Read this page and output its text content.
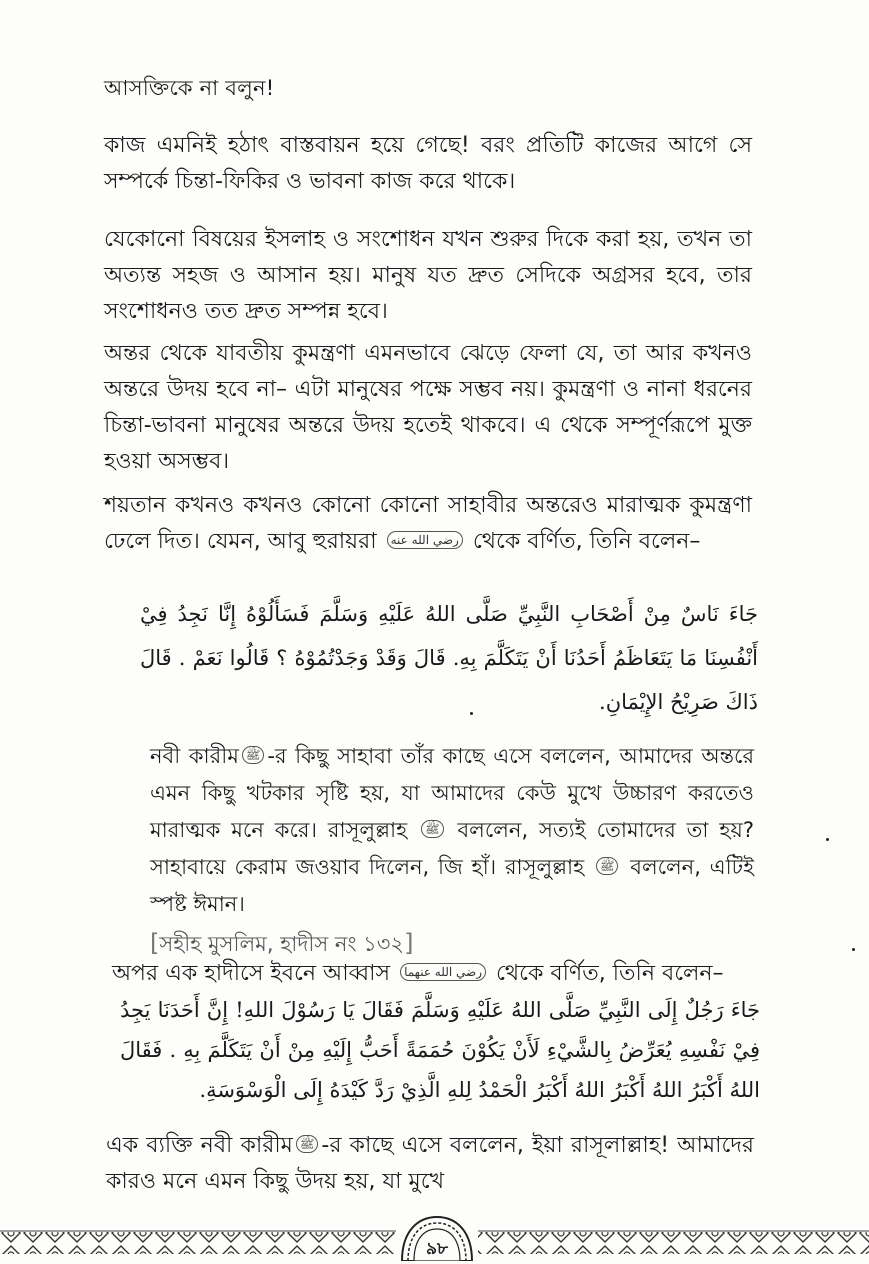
আসক্তিকে না বলুন!
কাজ এমনিই হঠাৎ বাস্তবায়ন হয়ে গেছে! বরং প্রতিটি কাজের আগে সে সম্পর্কে চিন্তা-ফিকির ও ভাবনা কাজ করে থাকে।
যেকোনো বিষয়ের ইসলাহ ও সংশোধন যখন শুরুর দিকে করা হয়, তখন তা অত্যন্ত সহজ ও আসান হয়। মানুষ যত দ্রুত সেদিকে অগ্রসর হবে, তার সংশোধনও তত দ্রুত সম্পন্ন হবে।
অন্তর থেকে যাবতীয় কুমন্ত্রণা এমনভাবে ঝেড়ে ফেলা যে, তা আর কখনও অন্তরে উদয় হবে না– এটা মানুষের পক্ষে সম্ভব নয়। কুমন্ত্রণা ও নানা ধরনের চিন্তা-ভাবনা মানুষের অন্তরে উদয় হতেই থাকবে। এ থেকে সম্পূর্ণরূপে মুক্ত হওয়া অসম্ভব।
শয়তান কখনও কখনও কোনো কোনো সাহাবীর অন্তরেও মারাত্মক কুমন্ত্রণা ঢেলে দিত। যেমন, আবু হুরায়রা رضي الله عنه থেকে বর্ণিত, তিনি বলেন–
جَاءَ نَاسٌ مِنْ أَصْحَابِ النَّبِيِّ صَلَّى اللهُ عَلَيْهِ وَسَلَّمَ فَسَأَلُوْهُ إِنَّا نَجِدُ فِيْ أَنْفُسِنَا مَا يَتَعَاظَمُ أَحَدُنَا أَنْ يَتَكَلَّمَ بِهِ. قَالَ وَقَدْ وَجَدْتُمُوْهُ ؟ قَالُوا نَعَمْ . قَالَ ذَاكَ صَرِيْحُ الإِيْمَانِ.
নবী কারীম ﷺ -র কিছু সাহাবা তাঁর কাছে এসে বললেন, আমাদের অন্তরে এমন কিছু খটকার সৃষ্টি হয়, যা আমাদের কেউ মুখে উচ্চারণ করতেও মারাত্মক মনে করে। রাসূলুল্লাহ ﷺ বললেন, সত্যই তোমাদের তা হয়? সাহাবায়ে কেরাম জওয়াব দিলেন, জি হাঁ। রাসূলুল্লাহ ﷺ বললেন, এটিই স্পষ্ট ঈমান।
[সহীহ মুসলিম, হাদীস নং ১৩২]
অপর এক হাদীসে ইবনে আব্বাস رضي الله عنهما থেকে বর্ণিত, তিনি বলেন–
جَاءَ رَجُلٌ إِلَى النَّبِيِّ صَلَّى اللهُ عَلَيْهِ وَسَلَّمَ فَقَالَ يَا رَسُوْلَ اللهِ! إِنَّ أَحَدَنَا يَجِدُ فِيْ نَفْسِهِ يُعَرِّضُ بِالشَّيْءِ لَأَنْ يَكُوْنَ حُمَمَةً أَحَبُّ إِلَيْهِ مِنْ أَنْ يَتَكَلَّمَ بِهِ . فَقَالَ اللهُ أَكْبَرُ اللهُ أَكْبَرُ اللهُ أَكْبَرُ الْحَمْدُ لِلهِ الَّذِيْ رَدَّ كَيْدَهُ إِلَى الْوَسْوَسَةِ.
এক ব্যক্তি নবী কারীম ﷺ -র কাছে এসে বললেন, ইয়া রাসূলাল্লাহ! আমাদের কারও মনে এমন কিছু উদয় হয়, যা মুখে
৯৮
